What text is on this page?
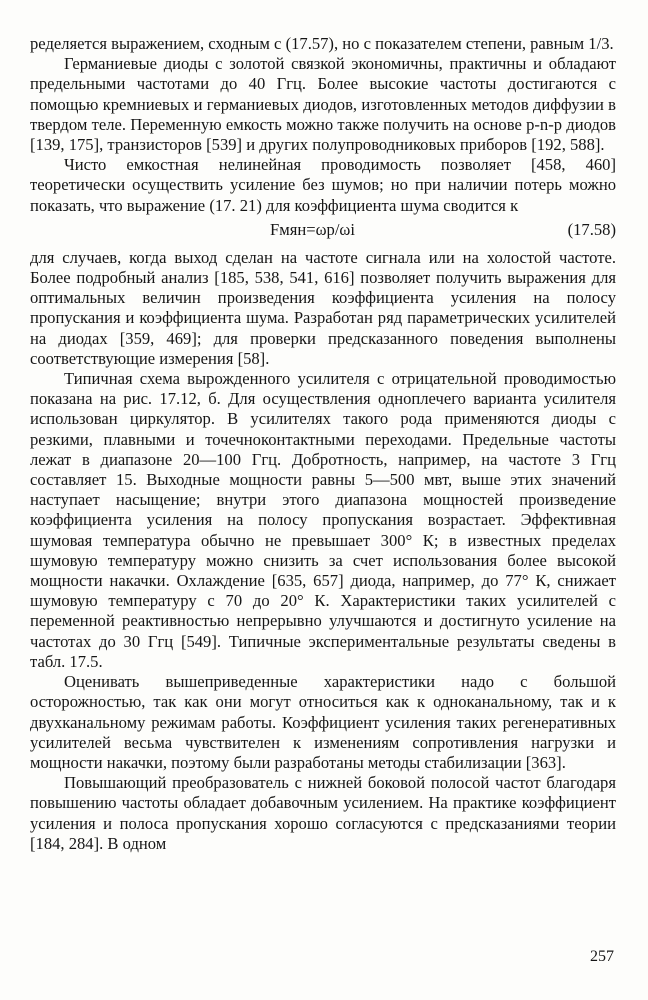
ределяется выражением, сходным с (17.57), но с показателем степени, равным 1/3.

Германиевые диоды с золотой связкой экономичны, практичны и обладают предельными частотами до 40 Ггц. Более высокие частоты достигаются с помощью кремниевых и германиевых диодов, изготовленных методов диффузии в твердом теле. Переменную емкость можно также получить на основе p-n-p диодов [139, 175], транзисторов [539] и других полупроводниковых приборов [192, 588].

Чисто емкостная нелинейная проводимость позволяет [458, 460] теоретически осуществить усиление без шумов; но при наличии потерь можно показать, что выражение (17. 21) для коэффициента шума сводится к

Fмян=ωp/ωi	(17.58)

для случаев, когда выход сделан на частоте сигнала или на холостой частоте. Более подробный анализ [185, 538, 541, 616] позволяет получить выражения для оптимальных величин произведения коэффициента усиления на полосу пропускания и коэффициента шума. Разработан ряд параметрических усилителей на диодах [359, 469]; для проверки предсказанного поведения выполнены соответствующие измерения [58].

Типичная схема вырожденного усилителя с отрицательной проводимостью показана на рис. 17.12, б. Для осуществления одноплечего варианта усилителя использован циркулятор. В усилителях такого рода применяются диоды с резкими, плавными и точечноконтактными переходами. Предельные частоты лежат в диапазоне 20—100 Ггц. Добротность, например, на частоте 3 Ггц составляет 15. Выходные мощности равны 5—500 мвт, выше этих значений наступает насыщение; внутри этого диапазона мощностей произведение коэффициента усиления на полосу пропускания возрастает. Эффективная шумовая температура обычно не превышает 300° К; в известных пределах шумовую температуру можно снизить за счет использования более высокой мощности накачки. Охлаждение [635, 657] диода, например, до 77° К, снижает шумовую температуру с 70 до 20° К. Характеристики таких усилителей с переменной реактивностью непрерывно улучшаются и достигнуто усиление на частотах до 30 Ггц [549]. Типичные экспериментальные результаты сведены в табл. 17.5.

Оценивать вышеприведенные характеристики надо с большой осторожностью, так как они могут относиться как к одноканальному, так и к двухканальному режимам работы. Коэффициент усиления таких регенеративных усилителей весьма чувствителен к изменениям сопротивления нагрузки и мощности накачки, поэтому были разработаны методы стабилизации [363].

Повышающий преобразователь с нижней боковой полосой частот благодаря повышению частоты обладает добавочным усилением. На практике коэффициент усиления и полоса пропускания хорошо согласуются с предсказаниями теории [184, 284]. В одном

257
